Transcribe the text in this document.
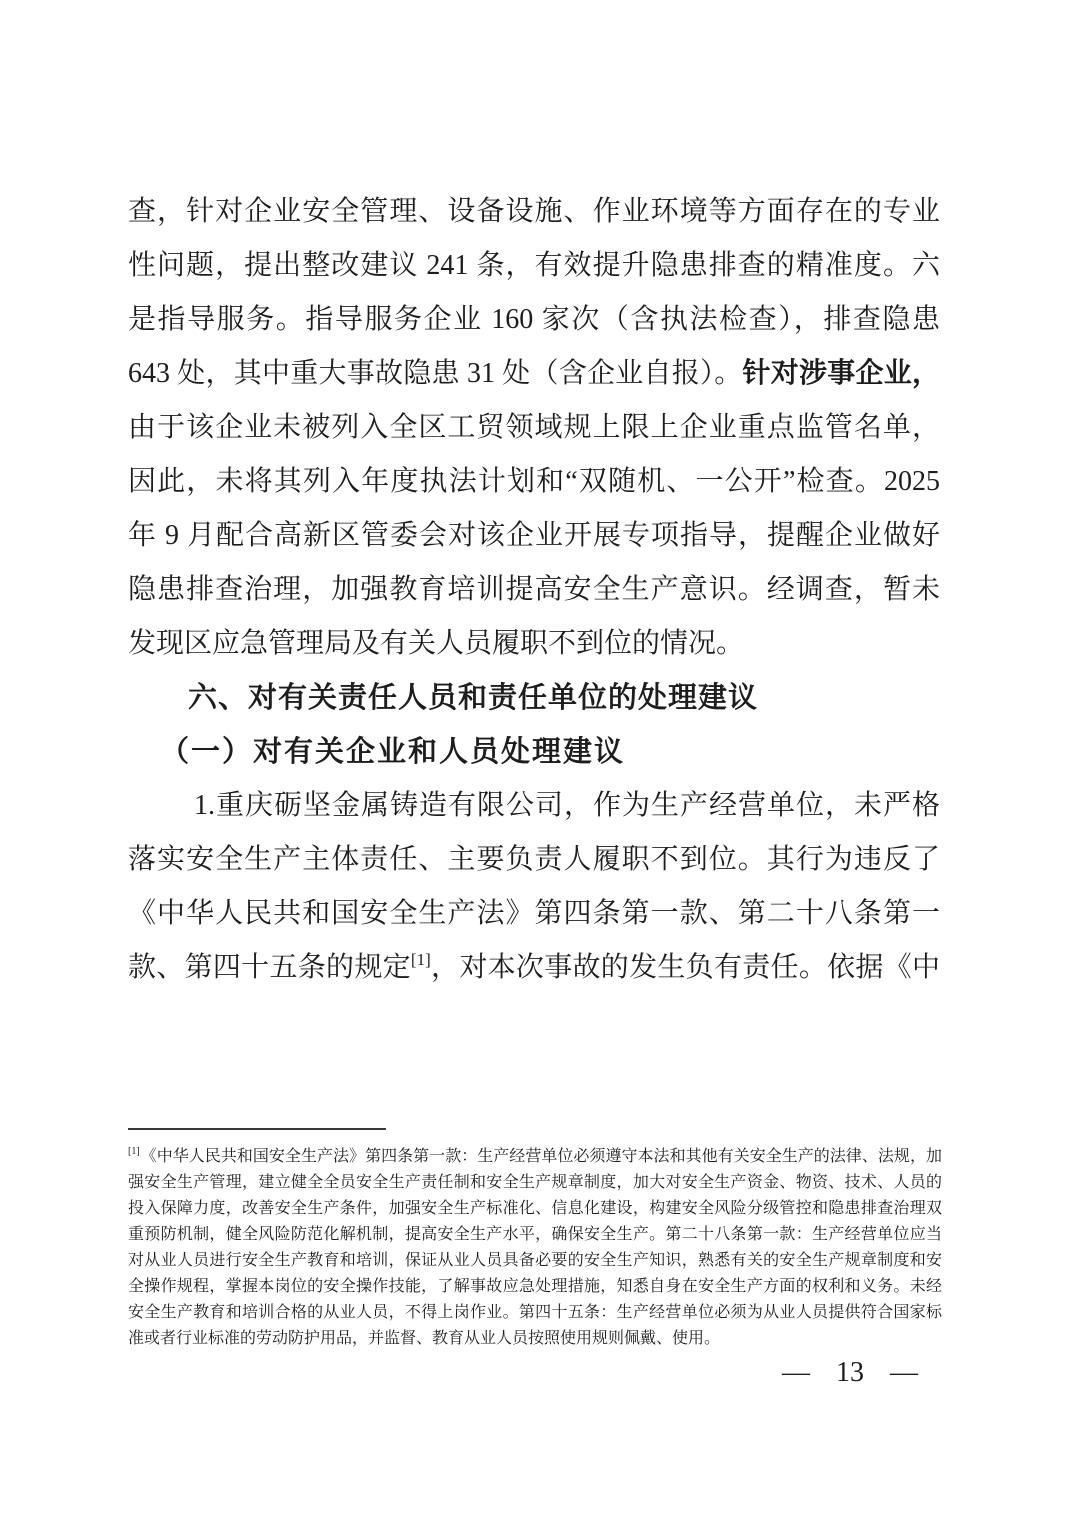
查，针对企业安全管理、设备设施、作业环境等方面存在的专业
性问题，提出整改建议 241 条，有效提升隐患排查的精准度。六
是指导服务。指导服务企业 160 家次（含执法检查），排查隐患
643 处，其中重大事故隐患 31 处（含企业自报）。针对涉事企业，
由于该企业未被列入全区工贸领域规上限上企业重点监管名单，
因此，未将其列入年度执法计划和“双随机、一公开”检查。2025
年 9 月配合高新区管委会对该企业开展专项指导，提醒企业做好
隐患排查治理，加强教育培训提高安全生产意识。经调查，暂未
发现区应急管理局及有关人员履职不到位的情况。
六、对有关责任人员和责任单位的处理建议
（一）对有关企业和人员处理建议
1.重庆砺坚金属铸造有限公司，作为生产经营单位，未严格
落实安全生产主体责任、主要负责人履职不到位。其行为违反了
《中华人民共和国安全生产法》第四条第一款、第二十八条第一
款、第四十五条的规定[1]，对本次事故的发生负有责任。依据《中
[1]《中华人民共和国安全生产法》第四条第一款：生产经营单位必须遵守本法和其他有关安全生产的法律、法规，加
强安全生产管理，建立健全全员安全生产责任制和安全生产规章制度，加大对安全生产资金、物资、技术、人员的
投入保障力度，改善安全生产条件，加强安全生产标准化、信息化建设，构建安全风险分级管控和隐患排查治理双
重预防机制，健全风险防范化解机制，提高安全生产水平，确保安全生产。第二十八条第一款：生产经营单位应当
对从业人员进行安全生产教育和培训，保证从业人员具备必要的安全生产知识，熟悉有关的安全生产规章制度和安
全操作规程，掌握本岗位的安全操作技能，了解事故应急处理措施，知悉自身在安全生产方面的权利和义务。未经
安全生产教育和培训合格的从业人员，不得上岗作业。第四十五条：生产经营单位必须为从业人员提供符合国家标
准或者行业标准的劳动防护用品，并监督、教育从业人员按照使用规则佩戴、使用。
— 13 —
